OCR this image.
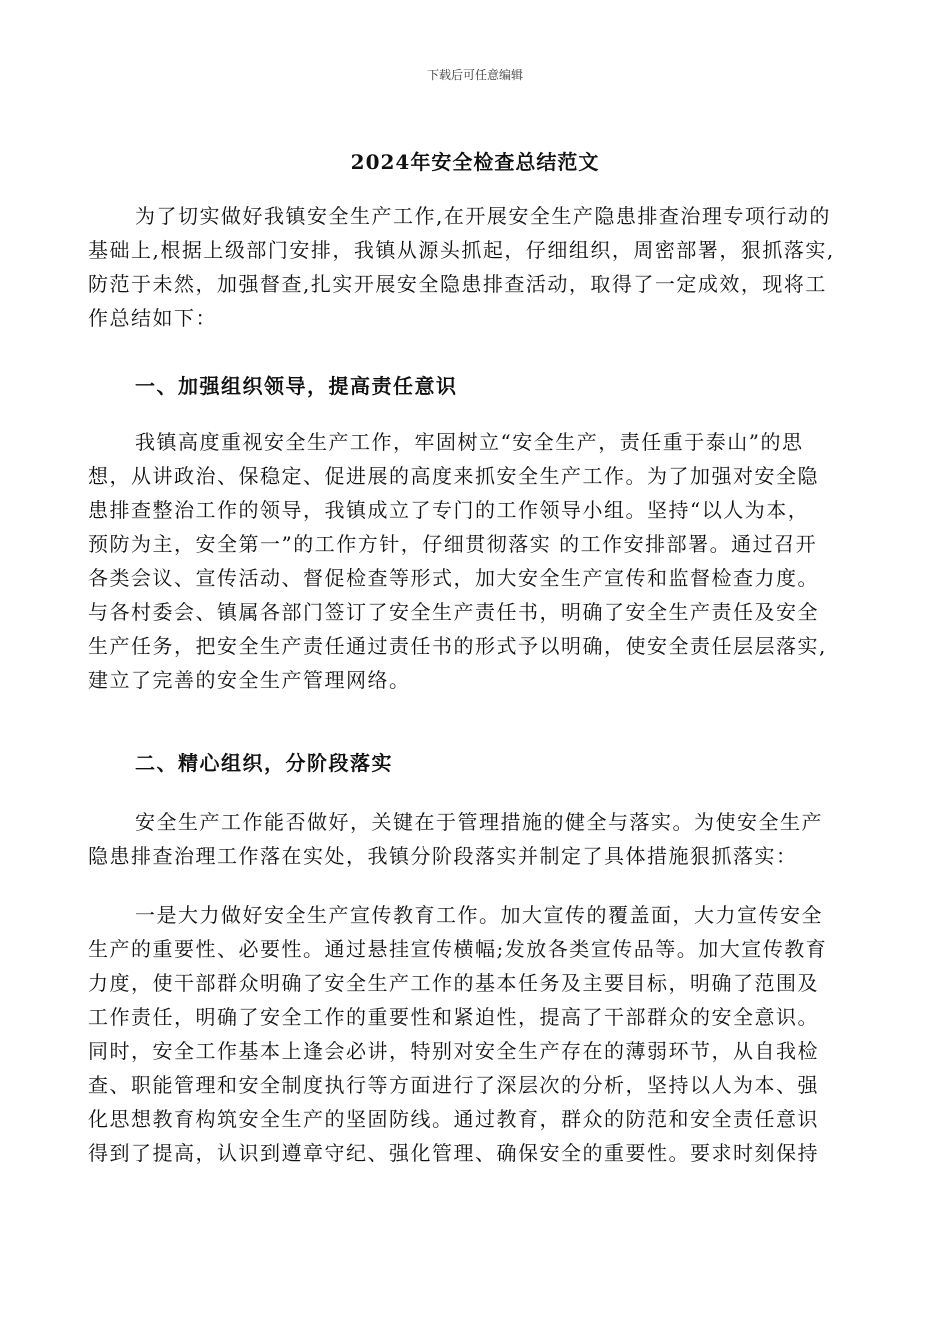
下载后可任意编辑
2024年安全检查总结范文
为了切实做好我镇安全生产工作,在开展安全生产隐患排查治理专项行动的
基础上,根据上级部门安排，我镇从源头抓起，仔细组织，周密部署，狠抓落实,
防范于未然，加强督查,扎实开展安全隐患排查活动，取得了一定成效，现将工
作总结如下：
一、加强组织领导，提高责任意识
我镇高度重视安全生产工作，牢固树立“安全生产，责任重于泰山”的思
想，从讲政治、保稳定、促进展的高度来抓安全生产工作。为了加强对安全隐
患排查整治工作的领导，我镇成立了专门的工作领导小组。坚持“以人为本，
预防为主，安全第一”的工作方针，仔细贯彻落实 的工作安排部署。通过召开
各类会议、宣传活动、督促检查等形式，加大安全生产宣传和监督检查力度。
与各村委会、镇属各部门签订了安全生产责任书，明确了安全生产责任及安全
生产任务，把安全生产责任通过责任书的形式予以明确，使安全责任层层落实,
建立了完善的安全生产管理网络。
二、精心组织，分阶段落实
安全生产工作能否做好，关键在于管理措施的健全与落实。为使安全生产
隐患排查治理工作落在实处，我镇分阶段落实并制定了具体措施狠抓落实：
一是大力做好安全生产宣传教育工作。加大宣传的覆盖面，大力宣传安全
生产的重要性、必要性。通过悬挂宣传横幅;发放各类宣传品等。加大宣传教育
力度，使干部群众明确了安全生产工作的基本任务及主要目标，明确了范围及
工作责任，明确了安全工作的重要性和紧迫性，提高了干部群众的安全意识。
同时，安全工作基本上逢会必讲，特别对安全生产存在的薄弱环节，从自我检
查、职能管理和安全制度执行等方面进行了深层次的分析，坚持以人为本、强
化思想教育构筑安全生产的坚固防线。通过教育，群众的防范和安全责任意识
得到了提高，认识到遵章守纪、强化管理、确保安全的重要性。要求时刻保持
